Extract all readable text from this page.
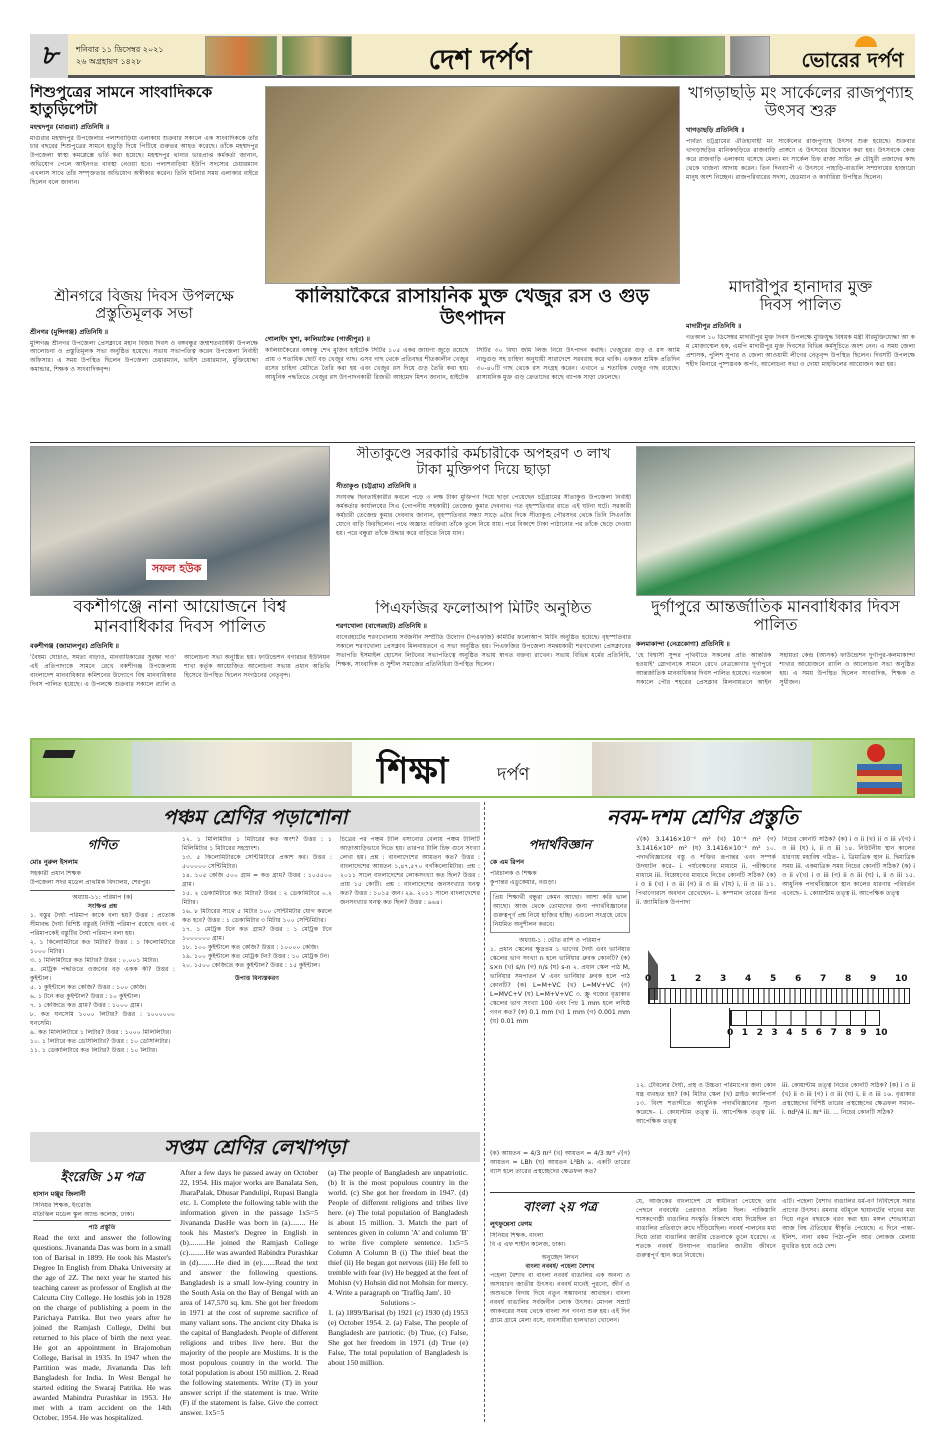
৮	শনিবার ১১ ডিসেম্বর ২০২১
২৬ অগ্রহায়ণ ১৪২৮	দেশ দর্পণ	ভোরের দর্পণ
শিশুপুত্রের সামনে সাংবাদিককে হাতুড়িপেটা
মহম্মদপুর (মাগুরা) প্রতিনিধি ॥
মাগুরার মহম্মদপুর উপজেলার পলাশবাড়িয়া এলাকায় শুক্রবার সকালে এক সাংবাদিককে তাঁর চার বছরের শিশুপুত্রের সামনে হাতুড়ি দিয়ে পিটিয়ে গুরুতর আহত করেছে। তাঁকে মহম্মদপুর উপজেলা স্বাস্থ্য কমপ্লেক্সে ভর্তি করা হয়েছে। মহম্মদপুর থানার ভারপ্রাপ্ত কর্মকর্তা জানান, অভিযোগ পেলে আইনগত ব্যবস্থা নেওয়া হবে। পলাশবাড়িয়া ইউপি সদস্যের চেয়ারম্যান এখলাস সাথে তাঁর সম্পৃক্ততার অভিযোগ অস্বীকার করেন। তিনি ঘটনার সময় এলাকার বাইরে ছিলেন বলে জানান।
শ্রীনগরে বিজয় দিবস উপলক্ষে প্রস্তুতিমূলক সভা
শ্রীনগর (মুন্সিগঞ্জ) প্রতিনিধি ॥
মুন্সিগঞ্জ শ্রীনগর উপজেলা প্রেসক্লাবে মহান বিজয় দিবস ও বঙ্গবন্ধুর জন্মশতবার্ষিকী উপলক্ষে আলোচনা ও প্রস্তুতিমূলক সভা অনুষ্ঠিত হয়েছে। সভায় সভাপতিত্ব করেন উপজেলা নির্বাহী অফিসার। এ সময় উপস্থিত ছিলেন উপজেলা চেয়ারম্যান, ভাইস চেয়ারম্যান, মুক্তিযোদ্ধা কমান্ডার, শিক্ষক ও সাংবাদিকবৃন্দ।
কালিয়াকৈরে রাসায়নিক মুক্ত খেজুর রস ও গুড় উৎপাদন
গোলাইদ খুশা, কালিয়াকৈর (গাজীপুর) ॥
কালিয়াকৈরের বঙ্গবন্ধু শেখ মুজিব হাইটেক সিটির ১০৫ একর জায়গা জুড়ে রয়েছে প্রায় ৩ শতাধিক ছোট বড় খেজুর গাছ। এসব গাছ থেকে প্রতিবছর শীতকালীন খেজুর রসের চাহিদা মেটাতে তৈরি করা হয় এবং খেজুর রস দিয়ে গুড় তৈরি করা হয়। আধুনিক পদ্ধতিতে খেজুর রস উৎপাদনকারী রিজভী আহমেদ মিশন জানান, হাইটেক সিটির ৩০ বিঘা জমি লিজ নিয়ে উৎপাদন করছি। খেজুরের গুড় ও রস আমি নাড়ুগুড় সহ চাহিদা অনুযায়ী সারাদেশে সরবরাহ করে থাকি। একজন শ্রমিক প্রতিদিন ৩০-৪০টি গাছ থেকে রস সংগ্রহ করেন। এখানে ৪ শতাধিক খেজুর গাছ রয়েছে। রাসায়নিক মুক্ত গুড় ক্রেতাদের কাছে ব্যাপক সাড়া ফেলেছে।
খাগড়াছড়ি মং সার্কেলের রাজপুণ্যাহ উৎসব শুরু
খাগড়াছড়ি প্রতিনিধি ॥
পার্বত্য চট্টগ্রামের ঐতিহ্যবাহী মং সার্কেলের রাজপুণ্যাহ উৎসব শুরু হয়েছে। শুক্রবার খাগড়াছড়ির মানিকছড়িতে রাজবাড়ি প্রাঙ্গণে এ উৎসবের উদ্বোধন করা হয়। উৎসবকে কেন্দ্র করে রাজবাড়ি এলাকায় বসেছে মেলা। মং সার্কেল চিফ রাজা সাচিং প্রু চৌধুরী প্রজাদের কাছ থেকে খাজনা আদায় করেন। তিন দিনব্যাপী এ উৎসবে পাহাড়ি-বাঙালি সম্প্রদায়ের হাজারো মানুষ অংশ নিচ্ছেন। রাজপরিবারের সদস্য, হেডম্যান ও কার্বারিরা উপস্থিত ছিলেন।
মাদারীপুর হানাদার মুক্ত দিবস পালিত
মাদারীপুর প্রতিনিধি ॥
গতকাল ১০ ডিসেম্বর মাদারীপুর মুক্ত দিবস উপলক্ষে মুক্তিযুদ্ধ বিষয়ক মন্ত্রী বীরমুক্তিযোদ্ধা আ ক ম মোজাম্মেল হক, এমপি মাদারীপুর মুক্ত দিবসের বিভিন্ন কর্মসূচিতে অংশ নেন। এ সময় জেলা প্রশাসক, পুলিশ সুপার ও জেলা আওয়ামী লীগের নেতৃবৃন্দ উপস্থিত ছিলেন। দিবসটি উপলক্ষে শহীদ মিনারে পুষ্পস্তবক অর্পণ, আলোচনা সভা ও দোয়া মাহফিলের আয়োজন করা হয়।
সফল হউক
বকশীগঞ্জে নানা আয়োজনে বিশ্ব মানবাধিকার দিবস পালিত
বকশীগঞ্জ (জামালপুর) প্রতিনিধি ॥
'বৈষম্য ঘোচাও, সমতা বাড়াও, মানবাধিকারের সুরক্ষা দাও' এই প্রতিপাদ্যকে সামনে রেখে বকশীগঞ্জ উপজেলায় বাংলাদেশ মানবাধিকার কমিশনের উদ্যোগে বিশ্ব মানবাধিকার দিবস পালিত হয়েছে। এ উপলক্ষে শুক্রবার সকালে র‍্যালি ও আলোচনা সভা অনুষ্ঠিত হয়। ফাউন্ডেশন বগারচর ইউনিয়ন শাখা কর্তৃক আয়োজিত আলোচনা সভায় প্রধান অতিথি হিসেবে উপস্থিত ছিলেন সংগঠনের নেতৃবৃন্দ।
সীতাকুণ্ডে সরকারি কর্মচারীকে অপহরণ ৩ লাখ টাকা মুক্তিপণ দিয়ে ছাড়া
সীতাকুণ্ড (চট্টগ্রাম) প্রতিনিধি ॥
সংঘবদ্ধ ছিনতাইকারীর কবলে পড়ে ৩ লক্ষ টাকা মুক্তিপণ দিয়ে ছাড়া পেয়েছেন চট্টগ্রামের সীতাকুণ্ড উপজেলা নির্বাহী কর্মকর্তার কার্যালয়ের সিএ (গোপনীয় সহকারী) তেজেন্দ্র কুমার দেবনাথ। গত বৃহস্পতিবার রাতে এই ঘটনা ঘটে। সরকারী কর্মচারী তেজেন্দ্র কুমার দেবনাথ জানান, বৃহস্পতিবার সন্ধ্যা সাড়ে ৬টার দিকে সীতাকুণ্ড পৌরসদর থেকে তিনি সিএনজি যোগে বাড়ি ফিরছিলেন। পথে অজ্ঞাত ব্যক্তিরা তাঁকে তুলে নিয়ে যায়। পরে বিকাশে টাকা পাঠানোর পর তাঁকে ছেড়ে দেওয়া হয়। পরে বন্ধুরা তাঁকে উদ্ধার করে বাড়িতে নিয়ে যান।
পিএফজির ফলোআপ মিটিং অনুষ্ঠিত
শরণখোলা (বাগেরহাট) প্রতিনিধি ॥
বাগেরহাটের শরণখোলায় সর্বজনীন সম্প্রীতি উদ্যোগ (পিএফজি) কমিটির ফলোআপ মিটিং অনুষ্ঠিত হয়েছে। বৃহস্পতিবার সকালে শরণখোলা প্রেসক্লাব মিলনায়তনে এ সভা অনুষ্ঠিত হয়। পিএফজির উপজেলা সমন্বয়কারী শরণখোলা প্রেসক্লাবের সভাপতি ইসমাইল হোসেন লিটনের সভাপতিত্বে অনুষ্ঠিত সভায় স্বাগত বক্তব্য রাখেন। সভায় বিভিন্ন ধর্মের প্রতিনিধি, শিক্ষক, সাংবাদিক ও সুশীল সমাজের প্রতিনিধিরা উপস্থিত ছিলেন।
দুর্গাপুরে আন্তর্জাতিক মানবাধিকার দিবস পালিত
কলমাকান্দা (নেত্রকোণা) প্রতিনিধি ॥
'হে বিশ্বাসী সুন্দর পৃথিবীতে সকলের প্রতি আন্তরিক হওয়াই' স্লোগানকে সামনে রেখে নেত্রকোণার দুর্গাপুরে আন্তর্জাতিক মানবাধিকার দিবস পালিত হয়েছে। গতকাল সকালে পৌর শহরের প্রেসক্লাব মিলনায়তনে আইন সহায়তা কেন্দ্র (আসক) ফাউন্ডেশন দুর্গাপুর-কলমাকান্দা শাখার আয়োজনে র‍্যালি ও আলোচনা সভা অনুষ্ঠিত হয়। এ সময় উপস্থিত ছিলেন সাংবাদিক, শিক্ষক ও সুধীজন।
শিক্ষা	দর্পণ
পঞ্চম শ্রেণির পড়াশোনা
গণিত
মোঃ নুরুল ইসলাম
সহকারী প্রধান শিক্ষক
উপজেলা সদর মডেল প্রাথমিক বিদ্যালয়, শেরপুর।
অধ্যায়-১১: পরিমাপ (ক)
সংক্ষিপ্ত প্রশ্ন
১. বস্তুর দৈর্ঘ্য পরিমাপ কাকে বলা হয়? উত্তর : প্রত্যেক সীমাবদ্ধ দৈর্ঘ্য বিশিষ্ট বস্তুরই নির্দিষ্ট পরিমাপ রয়েছে এবং এ পরিমাপকেই বস্তুটির দৈর্ঘ্য পরিমাপ বলা হয়।
২. ১ কিলোমিটারে কত মিটার? উত্তর : ১ কিলোমিটারে ১০০০ মিটার।
৩. ১ মিলিমিটারে কত মিটার? উত্তর : ০.০০১ মিটার।
৪. মেট্রিক পদ্ধতিতে ওজনের বড় একক কী? উত্তর : কুইন্টাল।
৫. ১ কুইন্টালে কত কেজি? উত্তর : ১০০ কেজি।
৬. ১ টনে কত কুইন্টাল? উত্তর : ১০ কুইন্টাল।
৭. ১ কেজিতে কত গ্রাম? উত্তর : ১০০০ গ্রাম।
৮. কত ঘনসেমি ১০০০ লিটার? উত্তর : ১০০০০০০ ঘনসেমি।
৯. কত মিলিলিটারে ১ লিটার? উত্তর : ১০০০ মিলিলিটার।
১০. ১ লিটারে কত ডেসিলিটার? উত্তর : ১০ ডেসিলিটার।
১১. ১ ডেকালিটারে কত লিটার? উত্তর : ১০ লিটার।
১২. ১ মিলিমিটার ১ মিটারের কত অংশ? উত্তর : ১ মিলিমিটার ১ মিটারের সহস্রাংশ।
১৩. ৫ কিলোমিটারকে সেন্টিমিটারে প্রকাশ কর। উত্তর : ৫০০০০০ সেন্টিমিটার।
১৪. ১০৫ কেজি ৫০০ গ্রাম = কত গ্রাম? উত্তর : ১০৫৫০০ গ্রাম।
১৫. ২ ডেকামিটারে কত মিটার? উত্তর : ২ ডেকামিটারে ০.২ মিটার।
১৬. ৮ মিটারের সাথে ৫ মিটার ১০০ সেন্টিমিটার যোগ করলে কত হবে? উত্তর : ১ ডেকামিটার ৩ মিটার ১০০ সেন্টিমিটার।
১৭. ১ মেট্রিক টনে কত গ্রাম? উত্তর : ১ মেট্রিক টনে ১০০০০০০ গ্রাম।
১৮. ১০০ কুইন্টালে কত কেজি? উত্তর : ১০০০০ কেজি।
১৯. ১০০ কুইন্টালে কত মেট্রিক টন? উত্তর : ১০ মেট্রিক টন।
২০. ১৫০০ কেজিতে কত কুইন্টাল? উত্তর : ১৫ কুইন্টাল।
উপাত্ত বিন্যস্তকরণ
চিত্রের পর পঞ্চম টালি বসানোর বেলায় পঞ্চম টালিটি আড়াআড়িভাবে দিতে হয়। তারপর টালি চিহ্ন গুনে সংখ্যা লেখা হয়। প্রশ্ন : বাংলাদেশের আয়তন কত? উত্তর : বাংলাদেশের আয়তন ১,৪৭,৫৭০ বর্গকিলোমিটার। প্রশ্ন : ২০১১ সালে বাংলাদেশের লোকসংখ্যা কত ছিল? উত্তর : প্রায় ১৫ কোটি। প্রশ্ন : বাংলাদেশের জনসংখ্যার ঘনত্ব কত? উত্তর : ১০১৫ জন। ২৯. ২০১১ সালে বাংলাদেশের জনসংখ্যার ঘনত্ব কত ছিল? উত্তর : ৯৬৪।
সপ্তম শ্রেণির লেখাপড়া
ইংরেজি ১ম পত্র
হাসান মঞ্জুর জিলানী
সিনিয়র শিক্ষক, ইংরেজি
মতিঝিল মডেল স্কুল অ্যান্ড কলেজ, ঢাকা।
পাঠ প্রস্তুতি
Read the text and answer the following questions. Jivananda Das was born in a small ton of Barisal in 1899. He took his Master's Degree In English from Dhaka University at the age of 2Z. The next year he started his teaching career as professor of English at the Calcutta City College. He losthis job in 1928 on the charge of publishing a poem in the Parichaya Patrika. But two years after he joined the Ramjash College, Delhi but returned to his place of birth the next year. He got an appointment in Brajomohan College, Barisal in 1935. In 1947 when the Partition was made, Jivananda Das left Bangladesh for India. In West Bengal he started editing the Swaraj Patrika. He was awarded Mahindra Purashkar in 1953. He met with a tram accident on the 14th October, 1954. He was hospitalized.
After a few days he passed away on October 22, 1954. His major works are Banalata Sen, JharaPalak, Dhusar Pandulipi, Rupasi Bangla etc. 1. Complete the following table with the information given in the passage 1x5=5 Jivananda DasHe was born in (a)........ He took his Master's Degree in English in (b).........He joined the Ramjash College (c).........He was awarded Rabindra Purashkar in (d).........He died in (e).......Read the text and answer the following questions. Bangladesh is a small low-lying country in the South Asia on the Bay of Bengal with an area of 147,570 sq. km. She got her freedom in 1971 at the cost of supreme sacrifice of many valiant sons. The ancient city Dhaka is the capital of Bangladesh. People of different religions and tribes live here. But the majority of the people are Muslims. It is the most populous country in the world. The total population is about 150 million. 2. Read the following statements. Write (T) in your answer script if the statement is true. Write (F) if the statement is false. Give the correct answer. 1x5=5
(a) The people of Bangladesh are unpatriotic. (b) It is the most populous country in the world. (c) She got her freedom in 1947. (d) People of different religions and tribes live here. (e) The total population of Bangladesh is about 15 million. 3. Match the part of sentences given in column 'A' and column 'B' to write five complete sentence. 1x5=5 Column A Column B (i) The thief beat the thief (ii) He began got nervous (iii) He fell to tremble with fear (iv) He begged at the feet of Mohisn (v) Hohsin did not Mohsin for mercy. 4. Write a paragraph on 'Traffiq Jam'. 10
Solutions :-
1. (a) 1899/Barisal (b) 1921 (c) 1930 (d) 1953 (e) October 1954. 2. (a) False, The people of Bangladesh are patriotic. (b) True, (c) False, She got her freedom in 1971 (d) True (e) False, The total population of Bangladesh is about 150 million.
নবম-দশম শ্রেণির প্রস্তুতি
পদার্থবিজ্ঞান
কে এম রিপন
পরিচালক ও শিক্ষক
কুপান্তর এডুকেয়ার, বগুড়া।
প্রিয় শিক্ষার্থী বন্ধুরা কেমন আছো। আশা করি ভাল আছো। আজ থেকে তোমাদের জন্য পদার্থবিজ্ঞানের গুরুত্বপূর্ণ প্রশ্ন নিয়ে হাজির হচ্ছি। এগুলো সংগ্রহে রেখে নিয়মিত অনুশীলন করবে।
অধ্যায়-১ : ভৌত রাশি ও পরিমাপ
১. প্রধান স্কেলের ক্ষুদ্রতম ১ ভাগের দৈর্ঘ্য এবং ভার্নিয়ার স্কেলের ভাগ সংখ্যা n হলে ভার্নিয়ার ধ্রুবক কোনটি? (ক) s×n (খ) s/n (গ) n/s (ঘ) s-n ২. প্রধান স্কেল পাঠ M, ভার্নিয়ার সমপাতন V এবং ভার্নিয়ার ধ্রুবক হলে পাঠ কোনটি? (ক) L=M+VC (খ) L=MV+VC (গ) L=MVC+V (ঘ) L=M+V+VC ৩. স্ক্রু গজের বৃত্তাকার স্কেলের ভাগ সংখ্যা 100 এবং পিচ 1 mm হলে লঘিষ্ঠ গণন কত? (ক) 0.1 mm (খ) 1 mm (গ) 0.001 mm (ঘ) 0.01 mm
√(ক) 3.1416×10⁻⁴ m² (খ) 10⁻⁴ m² (গ) 3.1416×10² m² (ঘ) 3.1416×10⁻² m² ১০. পদার্থবিজ্ঞানের বস্তু ও শক্তির রূপান্তর এবং সম্পর্ক উদঘাটন করে– i. পর্যবেক্ষণের মাধ্যমে ii. পরীক্ষণের মাধ্যমে iii. বিশ্লেষণের মাধ্যমে নিচের কোনটি সঠিক? (ক) i ও ii (খ) i ও iii (গ) ii ও iii √(ঘ) i, ii ও iii ১১. পিথাগোরাস অবদান রেখেছেন– i. কম্পমান তারের উপর ii. জ্যামিতিক উপপাদ্য
নিচের কোনটি সঠিক? (ক) i ও ii (খ) ii ও iii √(গ) i ও iii (ঘ) i, ii ও iii ১৪. নিউটনীয় স্থান কালের ধারণায় মহাবিশ্ব গঠিত– i. ত্রিমাত্রিক স্থান ii. দ্বিমাত্রিক সময় iii. একমাত্রিক সময় নিচের কোনটি সঠিক? (ক) i ও ii √(খ) i ও iii (গ) ii ও iii (ঘ) i, ii ও iii ১৫. আধুনিক পদার্থবিজ্ঞানে স্থান কালের ধারণার পরিবর্তন এনেছে– i. কোয়ান্টাম তত্ত্ব ii. আপেক্ষিক তত্ত্ব
0 1 2 3 4 5 6 7 8 9 10
0 1 2 3 4 5 6 7 8 9 10
১২. টেবিলের দৈর্ঘ্য, প্রস্থ ও উচ্চতা পরিমাপের জন্য কোন যন্ত্র ব্যবহৃত হয়? (ক) মিটার স্কেল (খ) স্লাইড ক্যালিপার্স ১৩. বিংশ শতাব্দীতে আধুনিক পদার্থবিজ্ঞানের সূচনা করেছে– i. কোয়ান্টাম তত্ত্ব ii. আপেক্ষিক তত্ত্ব iii. আপেক্ষিক তত্ত্ব
iii. কোয়ান্টাম তত্ত্ব নিচের কোনটি সঠিক? (ক) i ও ii (খ) ii ও iii (গ) i ও iii (ঘ) i, ii ও iii ১৬. বৃত্তাকার প্রস্থচ্ছেদের বিশিষ্ট তারের প্রস্থচ্ছেদের ক্ষেত্রফল সমান– i. πd²/4 ii. πr² iii. ... নিচের কোনটি সঠিক?
(ক) আয়তন = 4/3 πr² (খ) আয়তন = 4/3 πr³ √(গ) আয়তন = LBh (ঘ) আয়তন L²Bh ৯. একটি তারের ব্যাস হলে তারের প্রস্থচ্ছেদের ক্ষেত্রফল কত?
বাংলা ২য় পত্র
লুৎফুন্নেসা বেগম
সিনিয়র শিক্ষক, বাংলা
বি এ এফ শাহীন কলেজ, ঢাকা।
অনুচ্ছেদ লিখন
বাংলা নববর্ষ/ পহেলা বৈশাখ
পহেলা বৈশাখ বা বাংলা নববর্ষ বাঙালির এক অনন্য ও অসাধারণ জাতীয় উৎসব। নববর্ষ মানেই পুরনো, জীর্ণ ও অশুভকে বিদায় দিয়ে নতুন সম্ভাবনার আবাহন। বাংলা নববর্ষ বাঙালির সর্বজনীন লোক উৎসব। মোগল সম্রাট আকবরের সময় থেকে বাংলা সন গণনা শুরু হয়। এই দিন গ্রামে গ্রামে মেলা বসে, ব্যবসায়ীরা হালখাতা খোলেন।
যে, আজকের বাংলাদেশ যে স্বাধীনতা পেয়েছে তার পেছনে নববর্ষের প্রেরণাও সক্রিয় ছিল। পাকিস্তানি শাসকগোষ্ঠী বাঙালির সংস্কৃতি বিকাশে বাধা দিয়েছিল তা বাঙালির প্রতিবাদে রুখে দাঁড়িয়েছিল। নববর্ষ পালনের মধ্য দিয়ে তারা বাঙালির জাতীয় চেতনাকে তুলে ধরেছে। এ শতকে নববর্ষ উদযাপন বাঙালির জাতীয় জীবনে গুরুত্বপূর্ণ স্থান করে নিয়েছে।
এটি। পহেলা বৈশাখ বাঙালির ধর্ম-বর্ণ নির্বিশেষে সবার প্রাণের উৎসব। রমনার বটমূলে ছায়ানটের গানের মধ্য দিয়ে নতুন বছরকে বরণ করা হয়। মঙ্গল শোভাযাত্রা আজ বিশ্ব ঐতিহ্যের স্বীকৃতি পেয়েছে। এ দিনে পান্তা-ইলিশ, নানা রকম পিঠা-পুলি আর লোকজ মেলায় মুখরিত হয়ে ওঠে দেশ।
